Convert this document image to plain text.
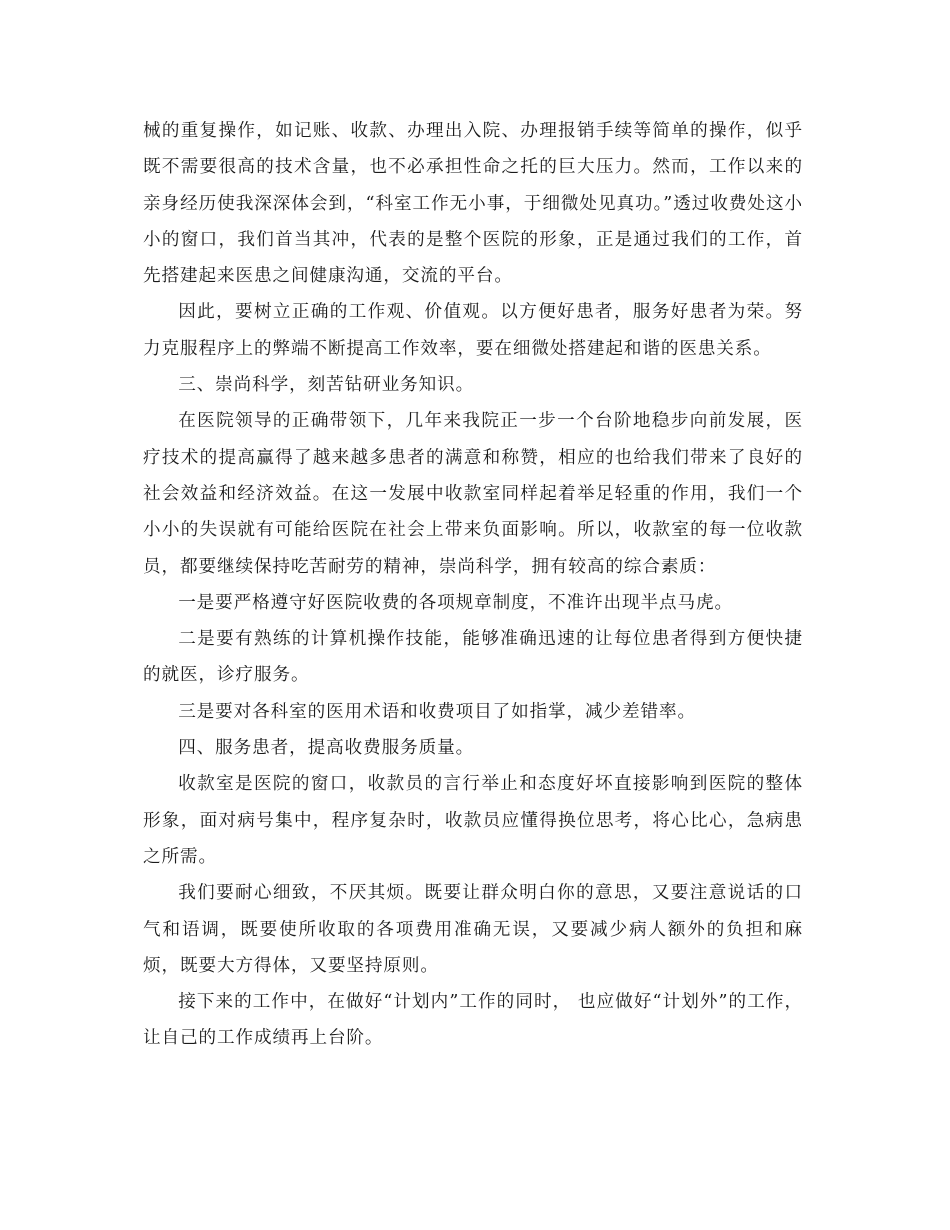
械的重复操作，如记账、收款、办理出入院、办理报销手续等简单的操作，似乎既不需要很高的技术含量，也不必承担性命之托的巨大压力。然而，工作以来的亲身经历使我深深体会到，“科室工作无小事，于细微处见真功。”透过收费处这小小的窗口，我们首当其冲，代表的是整个医院的形象，正是通过我们的工作，首先搭建起来医患之间健康沟通，交流的平台。

因此，要树立正确的工作观、价值观。以方便好患者，服务好患者为荣。努力克服程序上的弊端不断提高工作效率，要在细微处搭建起和谐的医患关系。

三、崇尚科学，刻苦钻研业务知识。

在医院领导的正确带领下，几年来我院正一步一个台阶地稳步向前发展，医疗技术的提高赢得了越来越多患者的满意和称赞，相应的也给我们带来了良好的社会效益和经济效益。在这一发展中收款室同样起着举足轻重的作用，我们一个小小的失误就有可能给医院在社会上带来负面影响。所以，收款室的每一位收款员，都要继续保持吃苦耐劳的精神，崇尚科学，拥有较高的综合素质：

一是要严格遵守好医院收费的各项规章制度，不准许出现半点马虎。

二是要有熟练的计算机操作技能，能够准确迅速的让每位患者得到方便快捷的就医，诊疗服务。

三是要对各科室的医用术语和收费项目了如指掌，减少差错率。

四、服务患者，提高收费服务质量。

收款室是医院的窗口，收款员的言行举止和态度好坏直接影响到医院的整体形象，面对病号集中，程序复杂时，收款员应懂得换位思考，将心比心，急病患之所需。

我们要耐心细致，不厌其烦。既要让群众明白你的意思，又要注意说话的口气和语调，既要使所收取的各项费用准确无误，又要减少病人额外的负担和麻烦，既要大方得体，又要坚持原则。

接下来的工作中，在做好“计划内”工作的同时， 也应做好“计划外”的工作，让自己的工作成绩再上台阶。
